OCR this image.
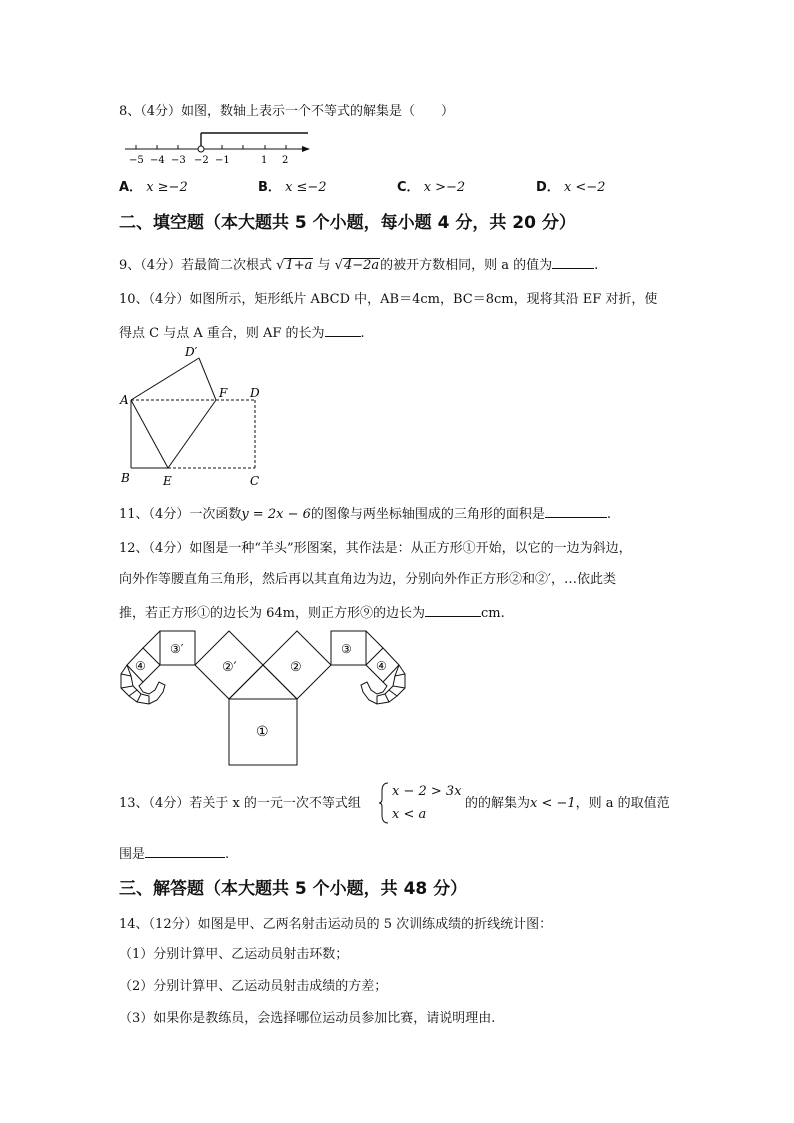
8、（4分）如图，数轴上表示一个不等式的解集是（　　）
−5 −4 −3 −2 −1	1 2
A． x ≥−2	B． x ≤−2	C． x >−2	D． x <−2
二、填空题（本大题共 5 个小题，每小题 4 分，共 20 分）
9、（4分）若最简二次根式 √1+a 与 √4−2a的被开方数相同，则 a 的值为	.
10、（4分）如图所示，矩形纸片 ABCD 中，AB＝4cm，BC＝8cm，现将其沿 EF 对折，使
得点 C 与点 A 重合，则 AF 的长为	.
D′
A	F D
B	E	C
11、（4分）一次函数y = 2x − 6的图像与两坐标轴围成的三角形的面积是	.
12、（4分）如图是一种“羊头”形图案，其作法是：从正方形①开始，以它的一边为斜边，
向外作等腰直角三角形，然后再以其直角边为边，分别向外作正方形②和②′，…依此类
推，若正方形①的边长为 64m，则正方形⑨的边长为	cm.
①
②′	②
③′	③
④	④
13、（4分）若关于 x 的一元一次不等式组
x − 2 > 3x
x < a
的的解集为x < −1，则 a 的取值范
围是	.
三、解答题（本大题共 5 个小题，共 48 分）
14、（12分）如图是甲、乙两名射击运动员的 5 次训练成绩的折线统计图：
（1）分别计算甲、乙运动员射击环数；
（2）分别计算甲、乙运动员射击成绩的方差；
（3）如果你是教练员，会选择哪位运动员参加比赛，请说明理由.
